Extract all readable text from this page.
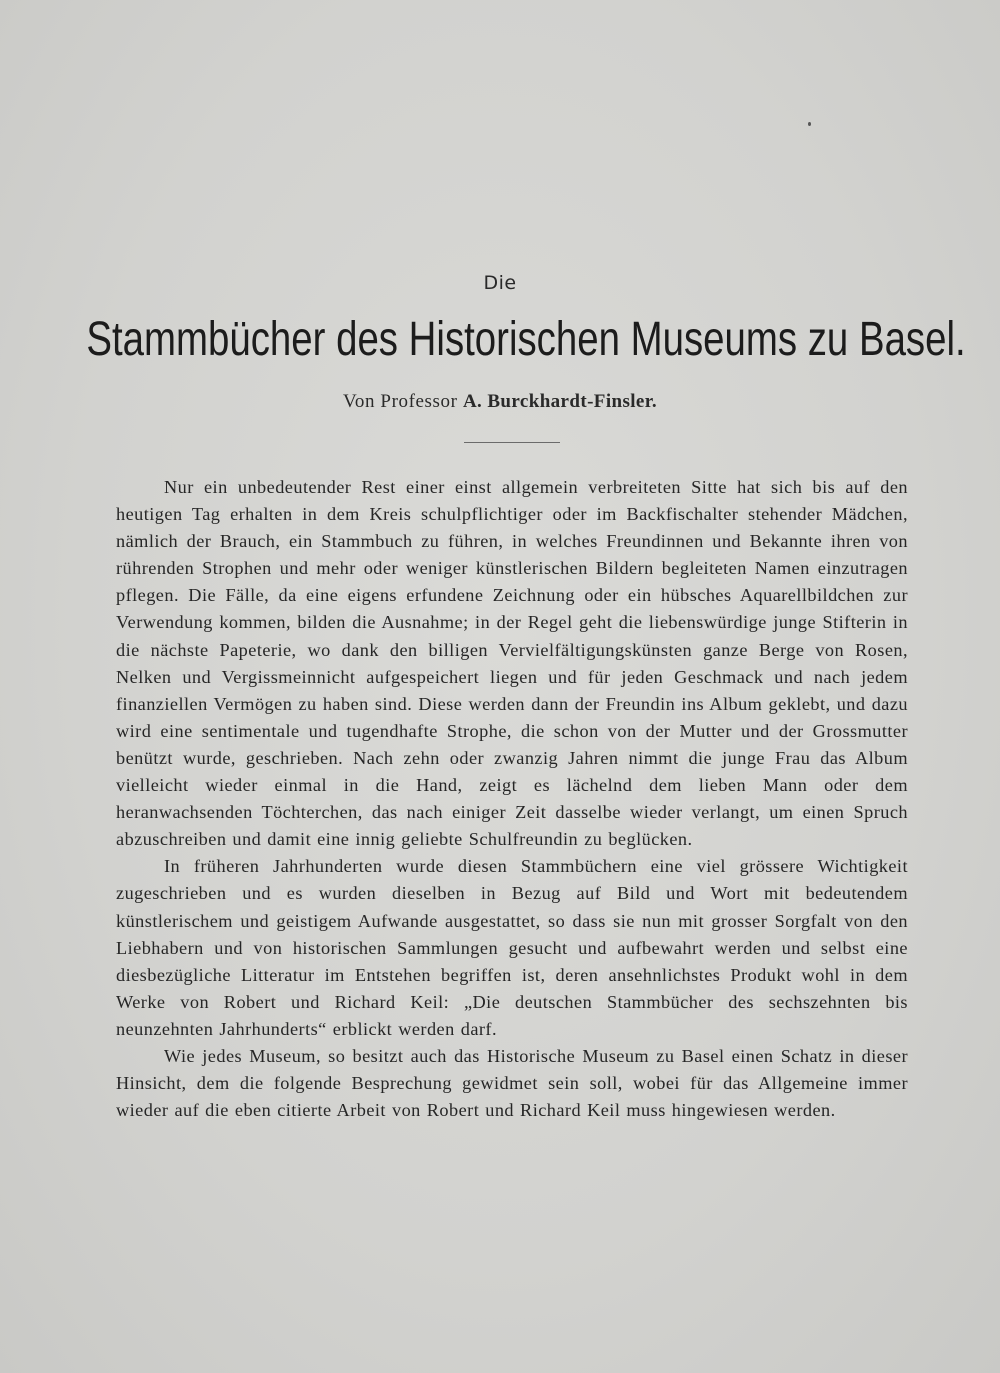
Die
Stammbücher des Historischen Museums zu Basel.
Von Professor A. Burckhardt-Finsler.

Nur ein unbedeutender Rest einer einst allgemein verbreiteten Sitte hat sich bis auf den heutigen Tag erhalten in dem Kreis schulpflichtiger oder im Backfischalter stehender Mädchen, nämlich der Brauch, ein Stammbuch zu führen, in welches Freundinnen und Bekannte ihren von rührenden Strophen und mehr oder weniger künstlerischen Bildern begleiteten Namen einzutragen pflegen. Die Fälle, da eine eigens erfundene Zeichnung oder ein hübsches Aquarellbildchen zur Verwendung kommen, bilden die Ausnahme; in der Regel geht die liebenswürdige junge Stifterin in die nächste Papeterie, wo dank den billigen Vervielfältigungskünsten ganze Berge von Rosen, Nelken und Vergissmeinnicht aufgespeichert liegen und für jeden Geschmack und nach jedem finanziellen Vermögen zu haben sind. Diese werden dann der Freundin ins Album geklebt, und dazu wird eine sentimentale und tugendhafte Strophe, die schon von der Mutter und der Grossmutter benützt wurde, geschrieben. Nach zehn oder zwanzig Jahren nimmt die junge Frau das Album vielleicht wieder einmal in die Hand, zeigt es lächelnd dem lieben Mann oder dem heranwachsenden Töchterchen, das nach einiger Zeit dasselbe wieder verlangt, um einen Spruch abzuschreiben und damit eine innig geliebte Schulfreundin zu beglücken.

In früheren Jahrhunderten wurde diesen Stammbüchern eine viel grössere Wichtigkeit zugeschrieben und es wurden dieselben in Bezug auf Bild und Wort mit bedeutendem künstlerischem und geistigem Aufwande ausgestattet, so dass sie nun mit grosser Sorgfalt von den Liebhabern und von historischen Sammlungen gesucht und aufbewahrt werden und selbst eine diesbezügliche Litteratur im Entstehen begriffen ist, deren ansehnlichstes Produkt wohl in dem Werke von Robert und Richard Keil: „Die deutschen Stammbücher des sechszehnten bis neunzehnten Jahrhunderts“ erblickt werden darf.

Wie jedes Museum, so besitzt auch das Historische Museum zu Basel einen Schatz in dieser Hinsicht, dem die folgende Besprechung gewidmet sein soll, wobei für das Allgemeine immer wieder auf die eben citierte Arbeit von Robert und Richard Keil muss hingewiesen werden.
